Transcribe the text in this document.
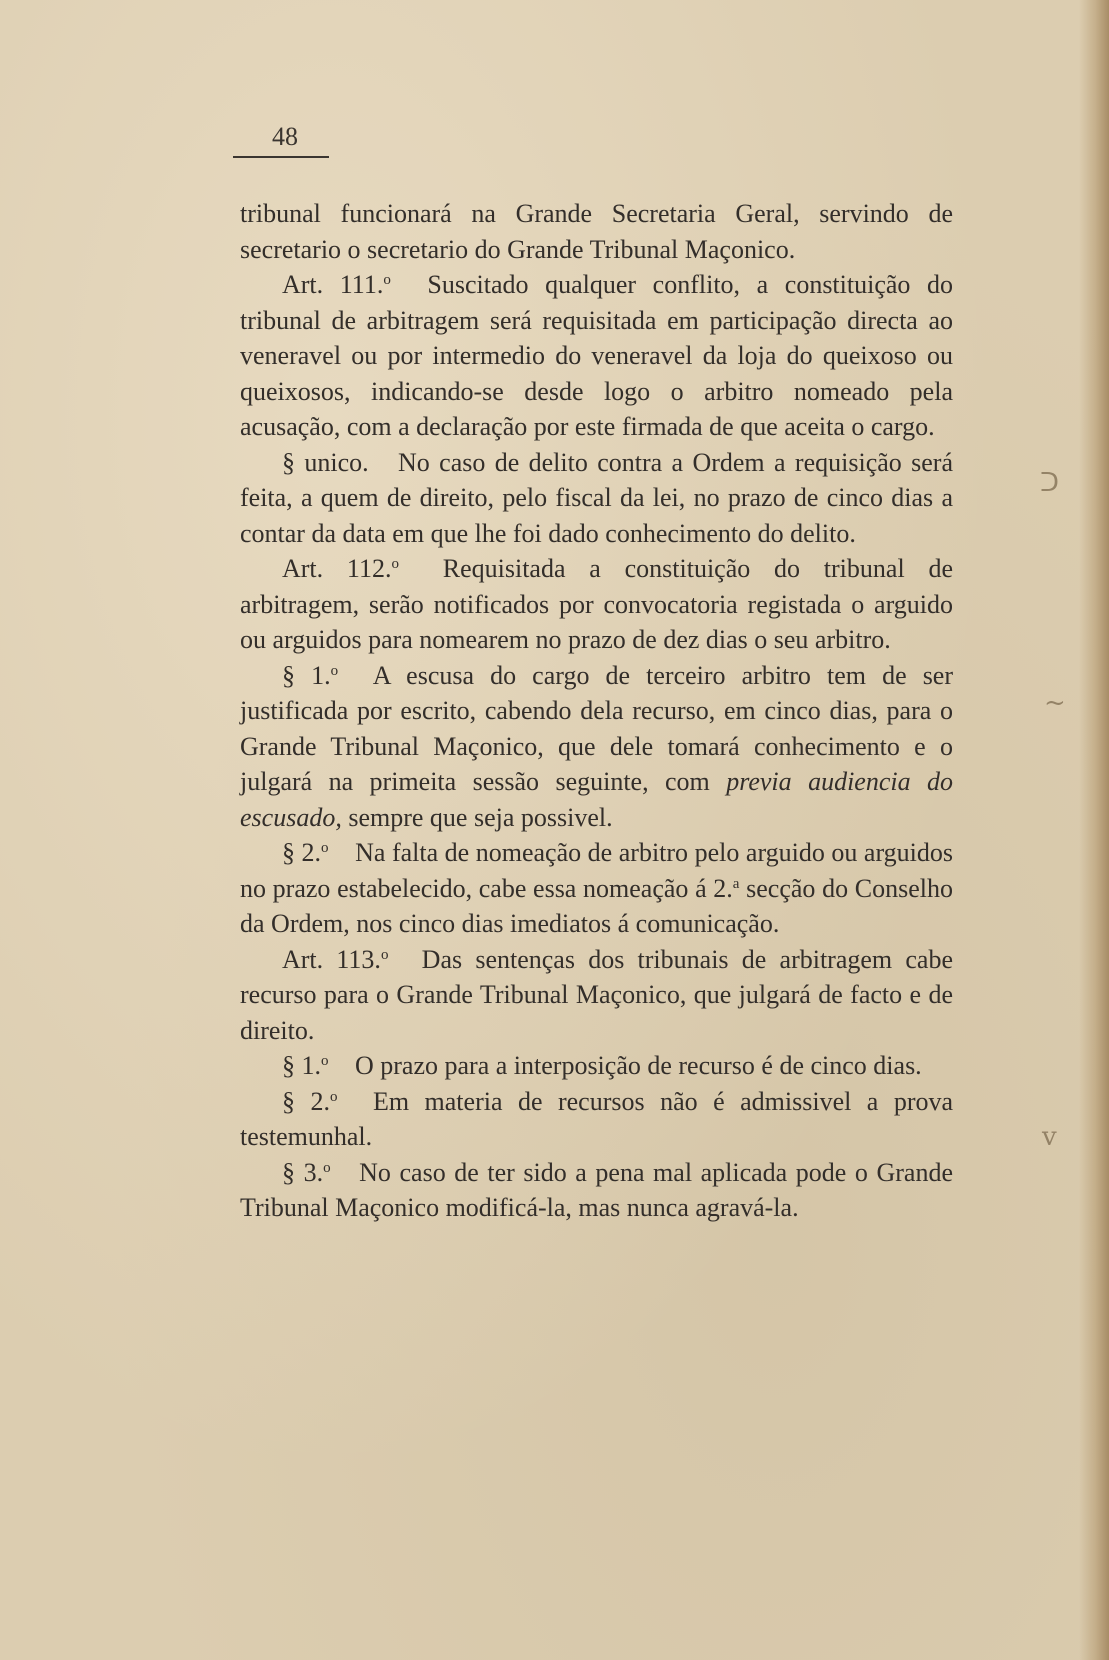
ᑐ
~
v

48

tribunal funcionará na Grande Secretaria Geral, servindo de secretario o secretario do Grande Tribunal Maçonico.

Art. 111.$^o$ Suscitado qualquer conflito, a constituição do tribunal de arbitragem será requisitada em participação directa ao veneravel ou por intermedio do veneravel da loja do queixoso ou queixosos, indicando-se desde logo o arbitro nomeado pela acusação, com a declaração por este firmada de que aceita o cargo.

§ unico. No caso de delito contra a Ordem a requisição será feita, a quem de direito, pelo fiscal da lei, no prazo de cinco dias a contar da data em que lhe foi dado conhecimento do delito.

Art. 112.$^o$ Requisitada a constituição do tribunal de arbitragem, serão notificados por convocatoria registada o arguido ou arguidos para nomearem no prazo de dez dias o seu arbitro.

§ 1.$^o$ A escusa do cargo de terceiro arbitro tem de ser justificada por escrito, cabendo dela recurso, em cinco dias, para o Grande Tribunal Maçonico, que dele tomará conhecimento e o julgará na primeita sessão seguinte, com previa audiencia do escusado, sempre que seja possivel.

§ 2.$^o$ Na falta de nomeação de arbitro pelo arguido ou arguidos no prazo estabelecido, cabe essa nomeação á 2.$^a$ secção do Conselho da Ordem, nos cinco dias imediatos á comunicação.

Art. 113.$^o$ Das sentenças dos tribunais de arbitragem cabe recurso para o Grande Tribunal Maçonico, que julgará de facto e de direito.

§ 1.$^o$ O prazo para a interposição de recurso é de cinco dias.

§ 2.$^o$ Em materia de recursos não é admissivel a prova testemunhal.

§ 3.$^o$ No caso de ter sido a pena mal aplicada pode o Grande Tribunal Maçonico modificá-la, mas nunca agravá-la.
